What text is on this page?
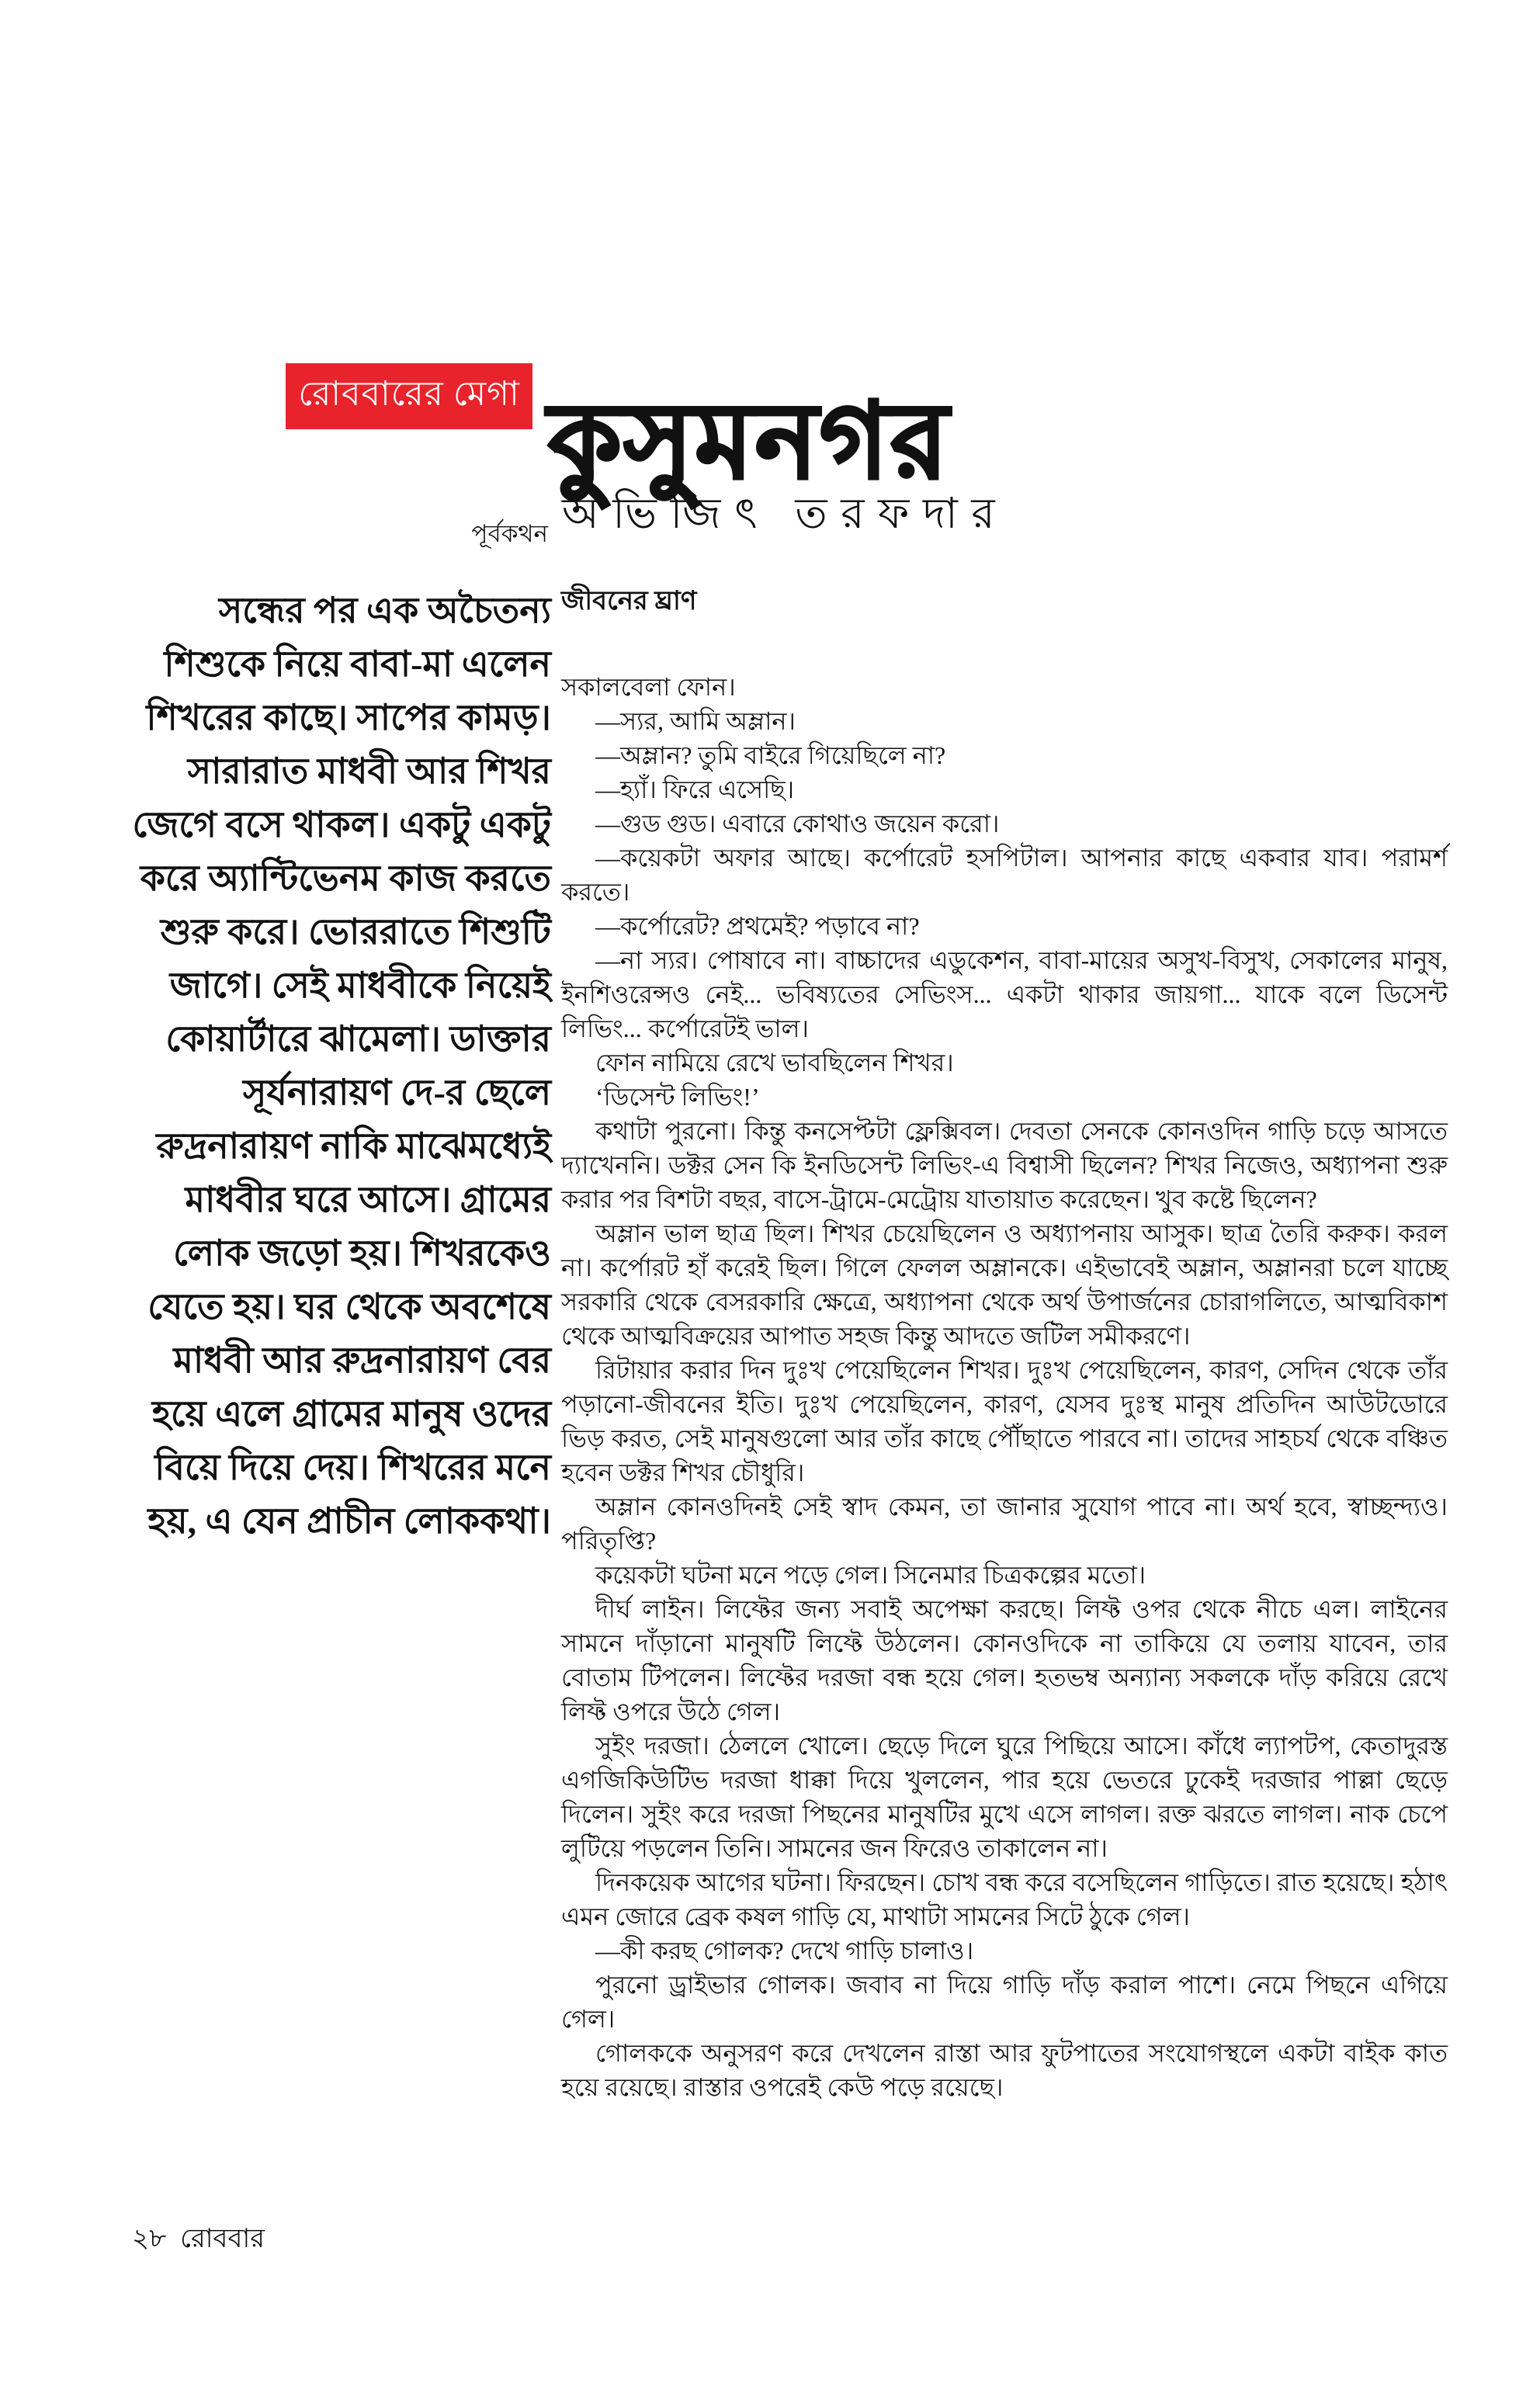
রোববারের মেগা কুসুমনগর
পূর্বকথন অভিজিৎ তরফদার
সন্ধের পর এক অচৈতন্য শিশুকে নিয়ে বাবা-মা এলেন শিখরের কাছে। সাপের কামড়। সারারাত মাধবী আর শিখর জেগে বসে থাকল। একটু একটু করে অ্যান্টিভেনম কাজ করতে শুরু করে। ভোররাতে শিশুটি জাগে। সেই মাধবীকে নিয়েই কোয়ার্টারে ঝামেলা। ডাক্তার সূর্যনারায়ণ দে-র ছেলে রুদ্রনারায়ণ নাকি মাঝেমধ্যেই মাধবীর ঘরে আসে। গ্রামের লোক জড়ো হয়। শিখরকেও যেতে হয়। ঘর থেকে অবশেষে মাধবী আর রুদ্রনারায়ণ বের হয়ে এলে গ্রামের মানুষ ওদের বিয়ে দিয়ে দেয়। শিখরের মনে হয়, এ যেন প্রাচীন লোককথা।
জীবনের ঘ্রাণ

সকালবেলা ফোন।

—স্যর, আমি অম্লান।

—অম্লান? তুমি বাইরে গিয়েছিলে না?

—হ্যাঁ। ফিরে এসেছি।

—গুড গুড। এবারে কোথাও জয়েন করো।

—কয়েকটা অফার আছে। কর্পোরেট হসপিটাল। আপনার কাছে একবার যাব। পরামর্শ করতে।

—কর্পোরেট? প্রথমেই? পড়াবে না?

—না স্যর। পোষাবে না। বাচ্চাদের এডুকেশন, বাবা-মায়ের অসুখ-বিসুখ, সেকালের মানুষ, ইনশিওরেন্সও নেই... ভবিষ্যতের সেভিংস... একটা থাকার জায়গা... যাকে বলে ডিসেন্ট লিভিং... কর্পোরেটই ভাল।

ফোন নামিয়ে রেখে ভাবছিলেন শিখর।

‘ডিসেন্ট লিভিং!’

কথাটা পুরনো। কিন্তু কনসেপ্টটা ফ্লেক্সিবল। দেবতা সেনকে কোনওদিন গাড়ি চড়ে আসতে দ্যাখেননি। ডক্টর সেন কি ইনডিসেন্ট লিভিং-এ বিশ্বাসী ছিলেন? শিখর নিজেও, অধ্যাপনা শুরু করার পর বিশটা বছর, বাসে-ট্রামে-মেট্রোয় যাতায়াত করেছেন। খুব কষ্টে ছিলেন?

অম্লান ভাল ছাত্র ছিল। শিখর চেয়েছিলেন ও অধ্যাপনায় আসুক। ছাত্র তৈরি করুক। করল না। কর্পোরট হাঁ করেই ছিল। গিলে ফেলল অম্লানকে। এইভাবেই অম্লান, অম্লানরা চলে যাচ্ছে সরকারি থেকে বেসরকারি ক্ষেত্রে, অধ্যাপনা থেকে অর্থ উপার্জনের চোরাগলিতে, আত্মবিকাশ থেকে আত্মবিক্রয়ের আপাত সহজ কিন্তু আদতে জটিল সমীকরণে।

রিটায়ার করার দিন দুঃখ পেয়েছিলেন শিখর। দুঃখ পেয়েছিলেন, কারণ, সেদিন থেকে তাঁর পড়ানো-জীবনের ইতি। দুঃখ পেয়েছিলেন, কারণ, যেসব দুঃস্থ মানুষ প্রতিদিন আউটডোরে ভিড় করত, সেই মানুষগুলো আর তাঁর কাছে পৌঁছাতে পারবে না। তাদের সাহচর্য থেকে বঞ্চিত হবেন ডক্টর শিখর চৌধুরি।

অম্লান কোনওদিনই সেই স্বাদ কেমন, তা জানার সুযোগ পাবে না। অর্থ হবে, স্বাচ্ছন্দ্যও। পরিতৃপ্তি?

কয়েকটা ঘটনা মনে পড়ে গেল। সিনেমার চিত্রকল্পের মতো।

দীর্ঘ লাইন। লিফ্টের জন্য সবাই অপেক্ষা করছে। লিফ্ট ওপর থেকে নীচে এল। লাইনের সামনে দাঁড়ানো মানুষটি লিফ্টে উঠলেন। কোনওদিকে না তাকিয়ে যে তলায় যাবেন, তার বোতাম টিপলেন। লিফ্টের দরজা বন্ধ হয়ে গেল। হতভম্ব অন্যান্য সকলকে দাঁড় করিয়ে রেখে লিফ্ট ওপরে উঠে গেল।

সুইং দরজা। ঠেললে খোলে। ছেড়ে দিলে ঘুরে পিছিয়ে আসে। কাঁধে ল্যাপটপ, কেতাদুরস্ত এগজিকিউটিভ দরজা ধাক্কা দিয়ে খুললেন, পার হয়ে ভেতরে ঢুকেই দরজার পাল্লা ছেড়ে দিলেন। সুইং করে দরজা পিছনের মানুষটির মুখে এসে লাগল। রক্ত ঝরতে লাগল। নাক চেপে লুটিয়ে পড়লেন তিনি। সামনের জন ফিরেও তাকালেন না।

দিনকয়েক আগের ঘটনা। ফিরছেন। চোখ বন্ধ করে বসেছিলেন গাড়িতে। রাত হয়েছে। হঠাৎ এমন জোরে ব্রেক কষল গাড়ি যে, মাথাটা সামনের সিটে ঠুকে গেল।

—কী করছ গোলক? দেখে গাড়ি চালাও।

পুরনো ড্রাইভার গোলক। জবাব না দিয়ে গাড়ি দাঁড় করাল পাশে। নেমে পিছনে এগিয়ে গেল।

গোলককে অনুসরণ করে দেখলেন রাস্তা আর ফুটপাতের সংযোগস্থলে একটা বাইক কাত হয়ে রয়েছে। রাস্তার ওপরেই কেউ পড়ে রয়েছে।

২৮ রোববার
